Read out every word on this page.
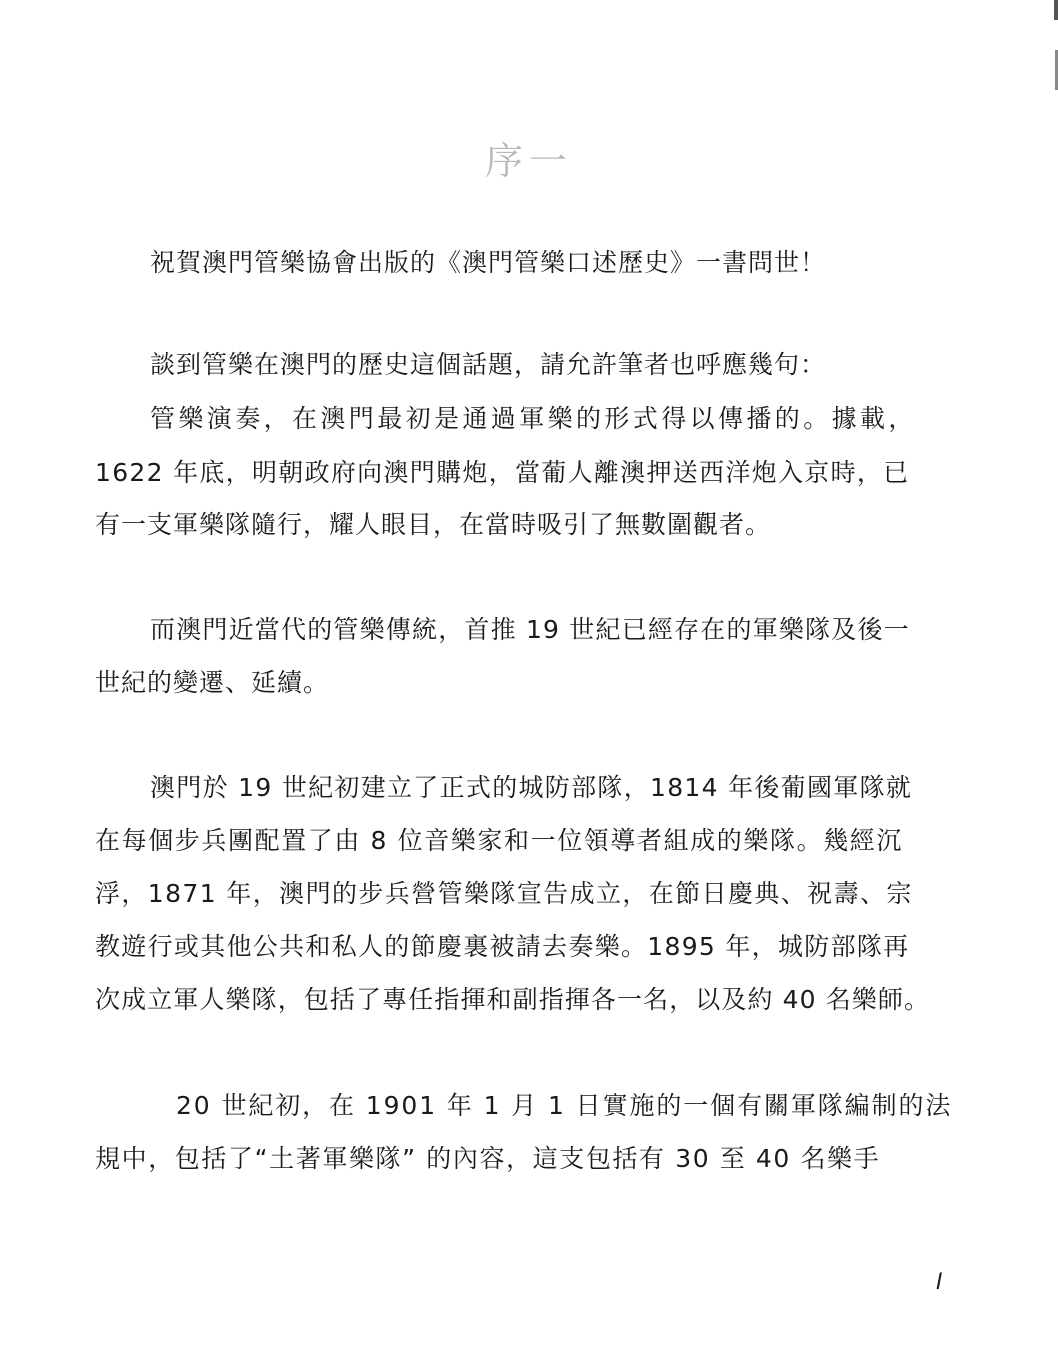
序一
祝賀澳門管樂協會出版的《澳門管樂口述歷史》一書問世！
談到管樂在澳門的歷史這個話題，請允許筆者也呼應幾句：
管樂演奏，在澳門最初是通過軍樂的形式得以傳播的。據載，
1622 年底，明朝政府向澳門購炮，當葡人離澳押送西洋炮入京時，已
有一支軍樂隊隨行，耀人眼目，在當時吸引了無數圍觀者。
而澳門近當代的管樂傳統，首推 19 世紀已經存在的軍樂隊及後一
世紀的變遷、延續。
澳門於 19 世紀初建立了正式的城防部隊，1814 年後葡國軍隊就
在每個步兵團配置了由 8 位音樂家和一位領導者組成的樂隊。幾經沉
浮，1871 年，澳門的步兵營管樂隊宣告成立，在節日慶典、祝壽、宗
教遊行或其他公共和私人的節慶裏被請去奏樂。1895 年，城防部隊再
次成立軍人樂隊，包括了專任指揮和副指揮各一名，以及約 40 名樂師。
20 世紀初，在 1901 年 1 月 1 日實施的一個有關軍隊編制的法
規中，包括了“土著軍樂隊” 的內容，這支包括有 30 至 40 名樂手
I
